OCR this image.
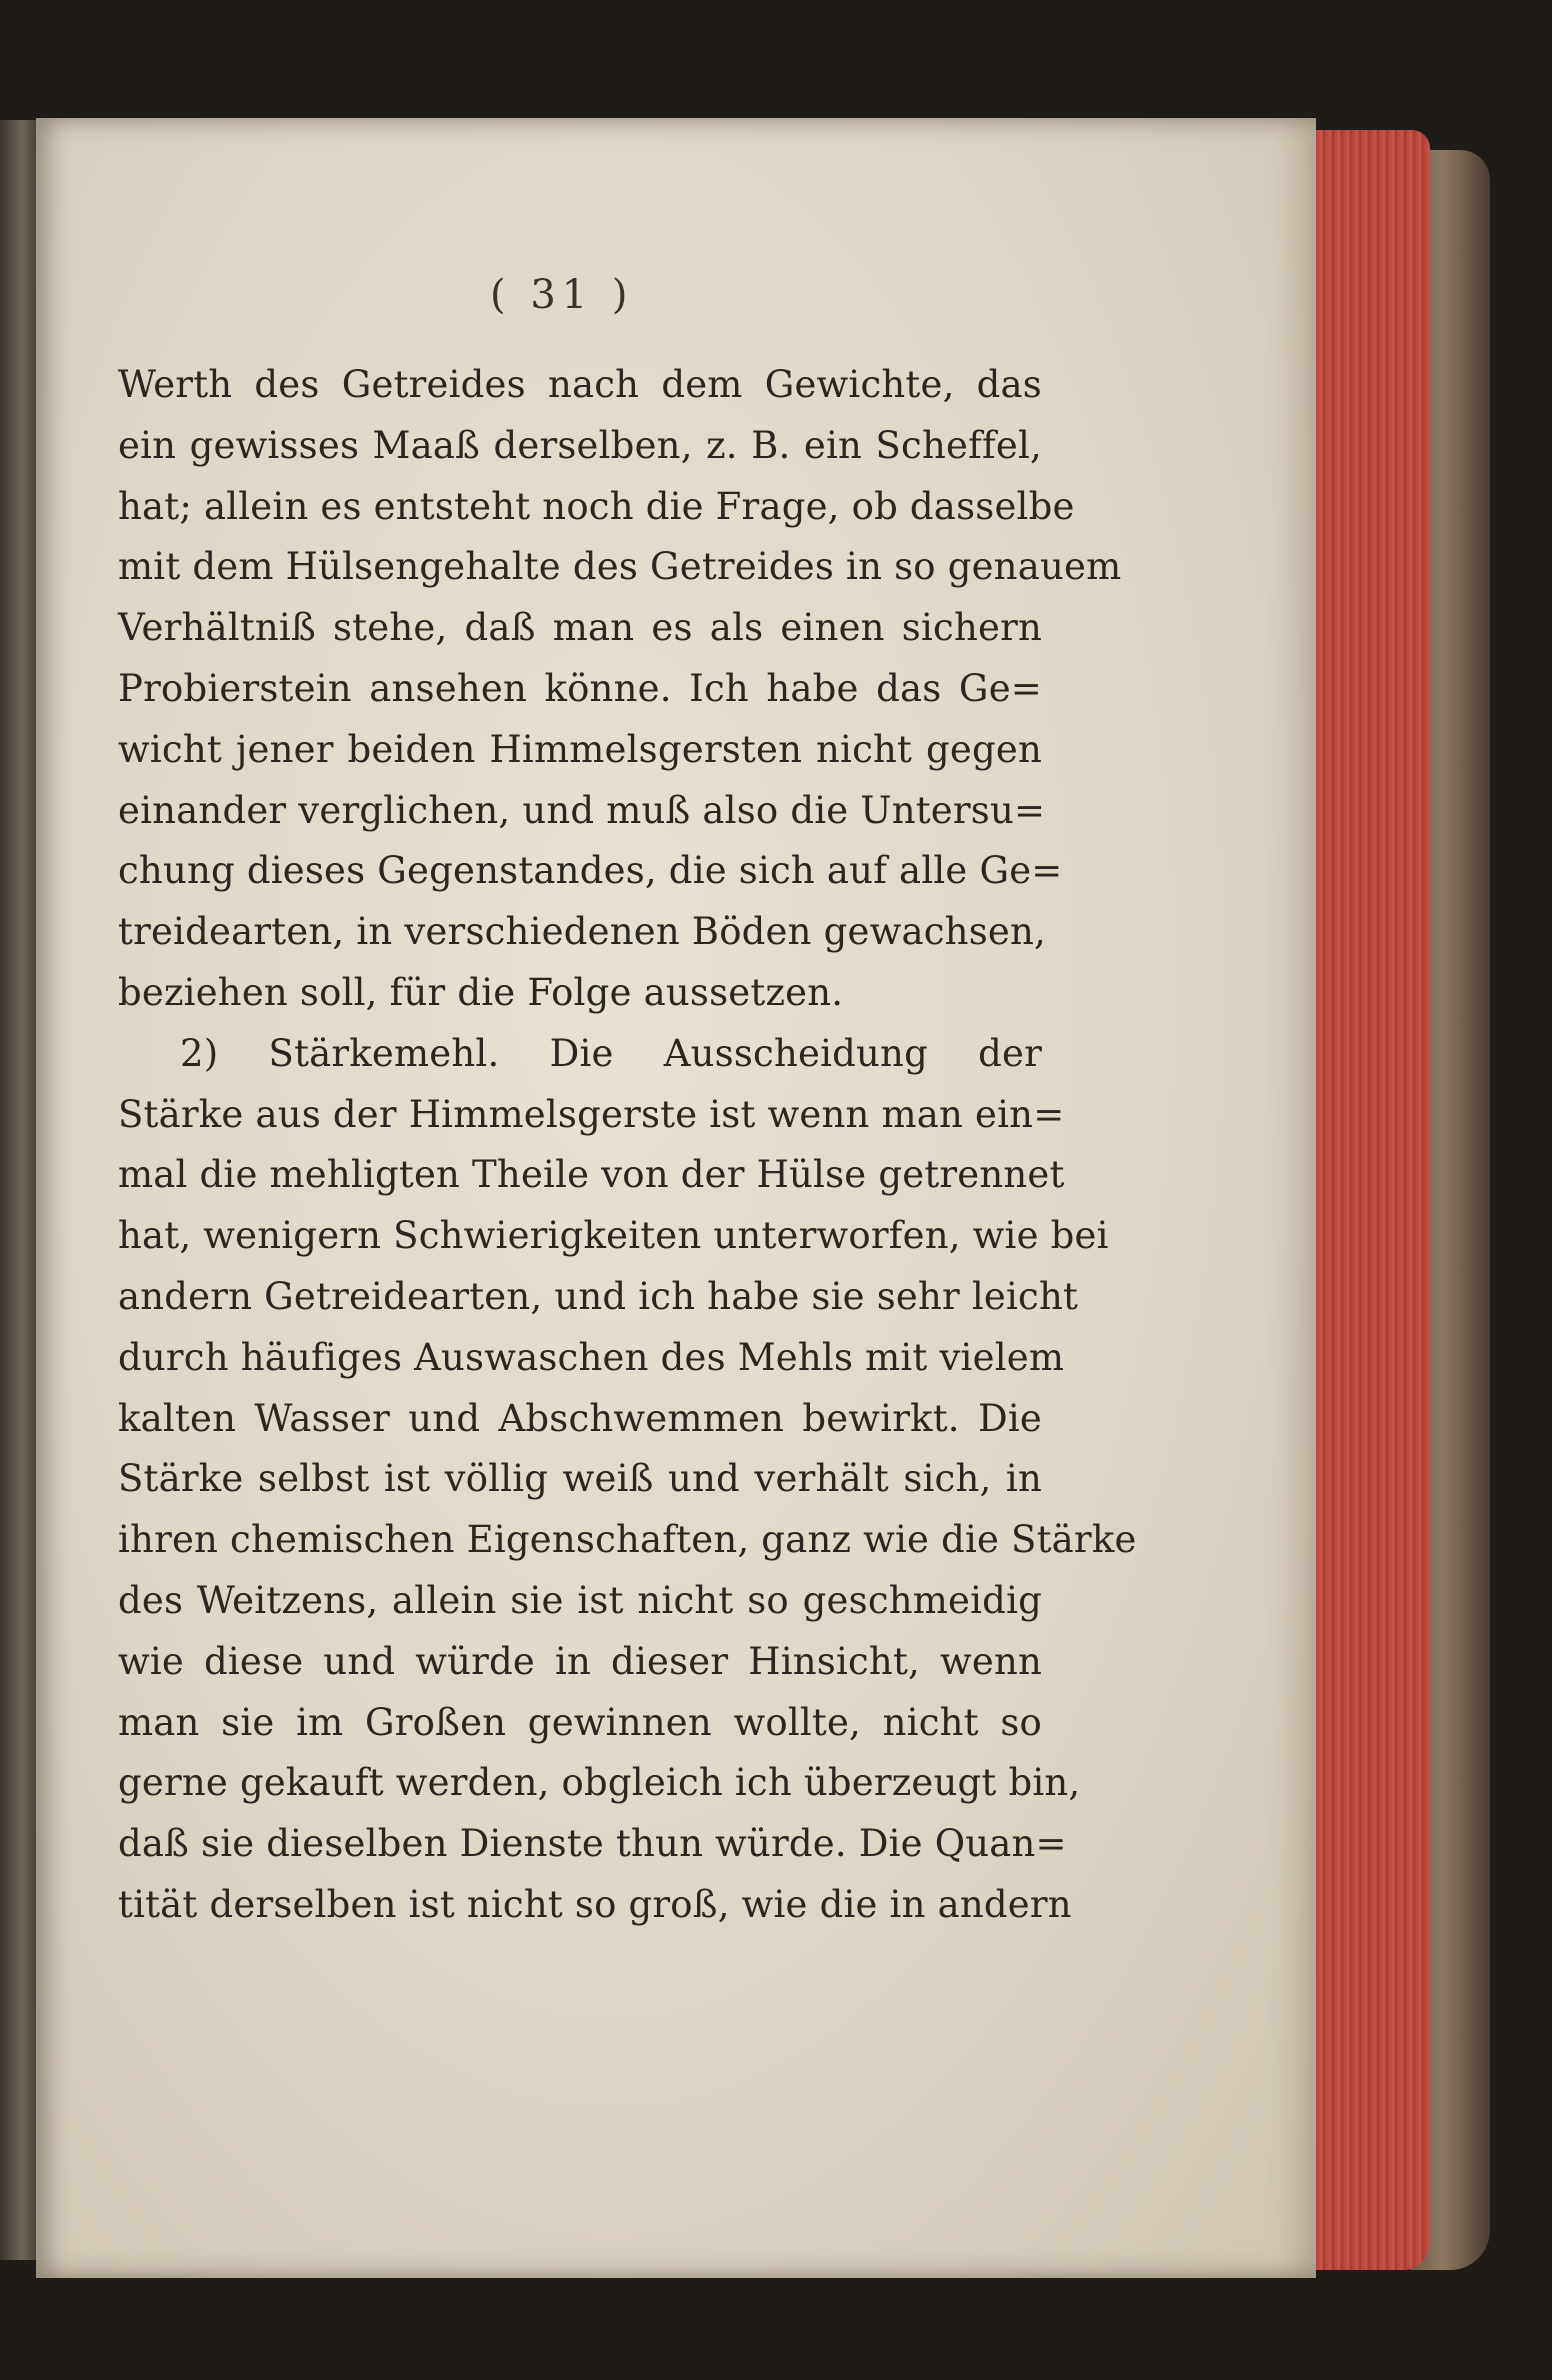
( 31 )
Werth des Getreides nach dem Gewichte, das
ein gewisses Maaß derselben, z. B. ein Scheffel,
hat; allein es entsteht noch die Frage, ob dasselbe
mit dem Hülsengehalte des Getreides in so genauem
Verhältniß stehe, daß man es als einen sichern
Probierstein ansehen könne. Ich habe das Ge=
wicht jener beiden Himmelsgersten nicht gegen
einander verglichen, und muß also die Untersu=
chung dieses Gegenstandes, die sich auf alle Ge=
treidearten, in verschiedenen Böden gewachsen,
beziehen soll, für die Folge aussetzen.
2) Stärkemehl. Die Ausscheidung der
Stärke aus der Himmelsgerste ist wenn man ein=
mal die mehligten Theile von der Hülse getrennet
hat, wenigern Schwierigkeiten unterworfen, wie bei
andern Getreidearten, und ich habe sie sehr leicht
durch häufiges Auswaschen des Mehls mit vielem
kalten Wasser und Abschwemmen bewirkt. Die
Stärke selbst ist völlig weiß und verhält sich, in
ihren chemischen Eigenschaften, ganz wie die Stärke
des Weitzens, allein sie ist nicht so geschmeidig
wie diese und würde in dieser Hinsicht, wenn
man sie im Großen gewinnen wollte, nicht so
gerne gekauft werden, obgleich ich überzeugt bin,
daß sie dieselben Dienste thun würde. Die Quan=
tität derselben ist nicht so groß, wie die in andern
